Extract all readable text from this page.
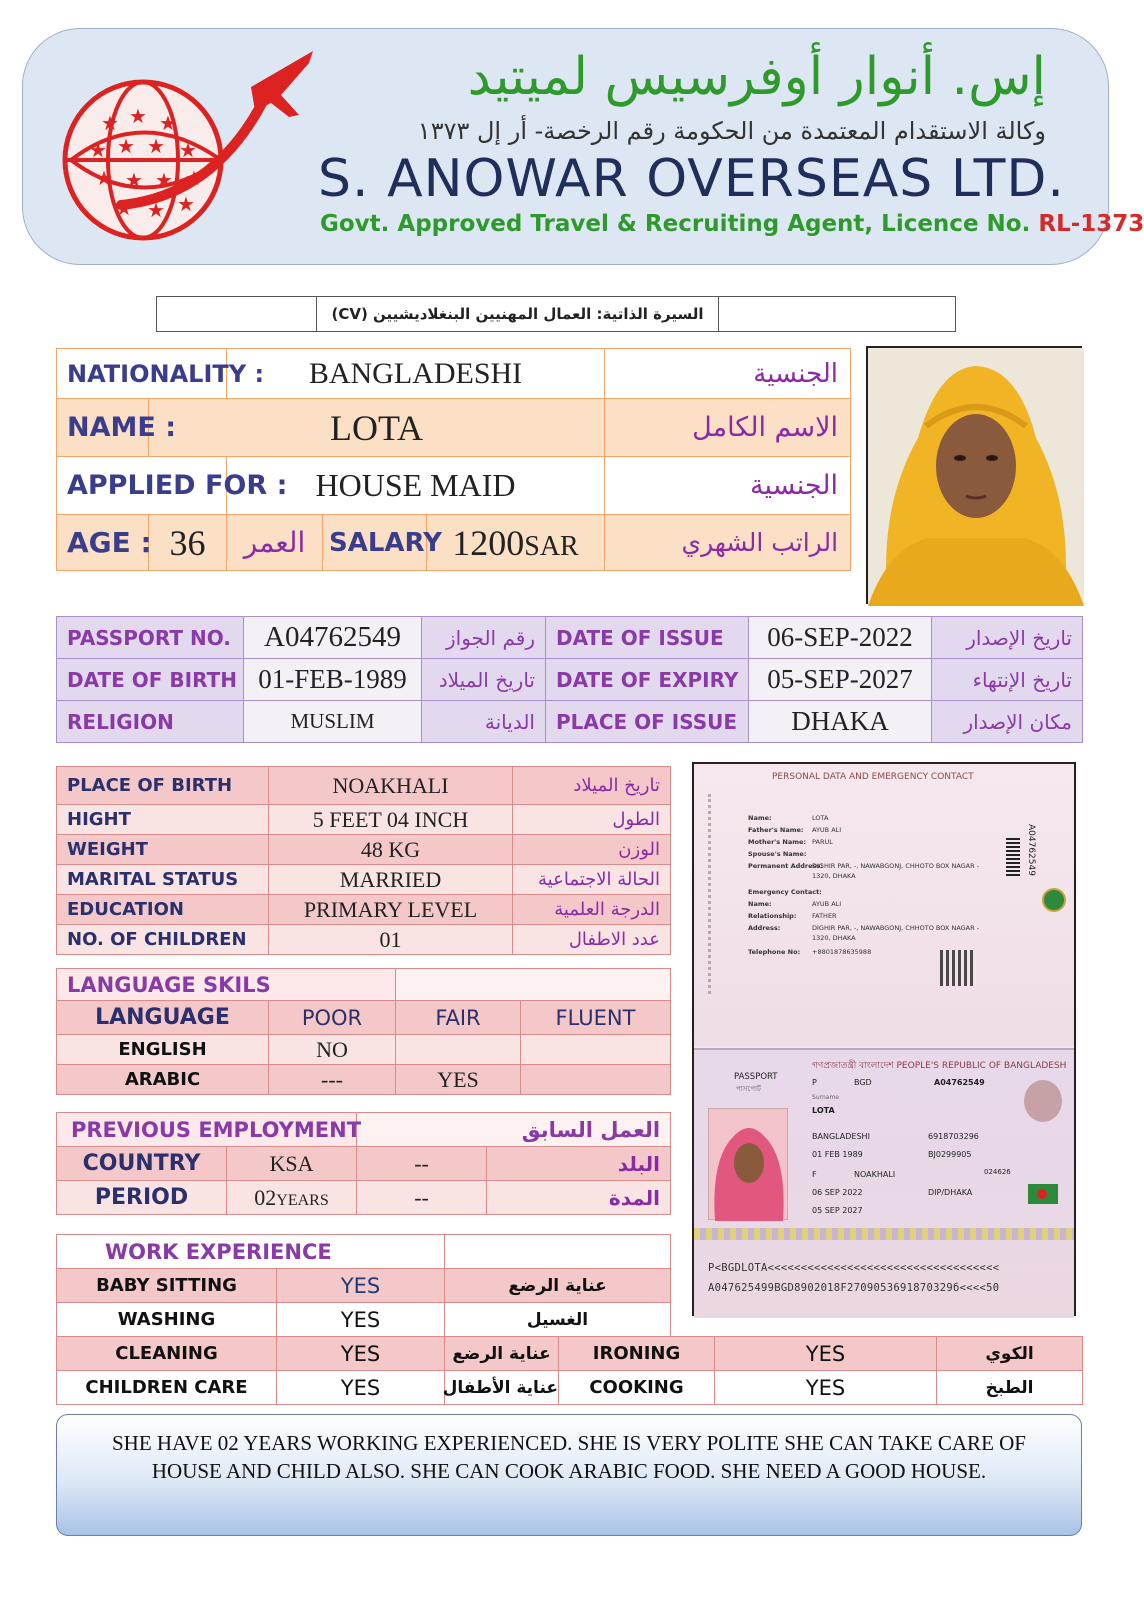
★ ★ ★
★ ★ ★ ★
★ ★ ★ ★
★ ★ ★
إس. أنوار أوفرسيس لميتيد
وكالة الاستقدام المعتمدة من الحكومة رقم الرخصة- أر إل ١٣٧٣
S. ANOWAR OVERSEAS LTD.
Govt. Approved Travel & Recruiting Agent, Licence No. RL-1373
السيرة الذاتية: العمال المهنيين البنغلاديشيين (CV)
NATIONALITY :		BANGLADESHI			الجنسية
NAME :	LOTA				الاسم الكامل
APPLIED FOR :		HOUSE MAID			الجنسية
AGE :	36	العمر	SALARY	1200SAR	الراتب الشهري
PASSPORT NO.	A04762549	رقم الجواز	DATE OF ISSUE	06-SEP-2022	تاريخ الإصدار
DATE OF BIRTH	01-FEB-1989	تاريخ الميلاد	DATE OF EXPIRY	05-SEP-2027	تاريخ الإنتهاء
RELIGION	MUSLIM	الديانة	PLACE OF ISSUE	DHAKA	مكان الإصدار
PLACE OF BIRTH	NOAKHALI	تاريخ الميلاد
HIGHT	5 FEET 04 INCH	الطول
WEIGHT	48 KG	الوزن
MARITAL STATUS	MARRIED	الحالة الاجتماعية
EDUCATION	PRIMARY LEVEL	الدرجة العلمية
NO. OF CHILDREN	01	عدد الاطفال
LANGUAGE SKILS			
LANGUAGE	POOR	FAIR	FLUENT
ENGLISH	NO		
ARABIC	---	YES	
PREVIOUS EMPLOYMENT		العمل السابق	
COUNTRY	KSA	--	البلد
PERIOD	02YEARS	--	المدة
WORK EXPERIENCE		
BABY SITTING	YES	عناية الرضع
WASHING	YES	الغسيل
CLEANING	YES	عناية الرضع	IRONING	YES	الكوي
CHILDREN CARE	YES	عناية الأطفال	COOKING	YES	الطبخ
PERSONAL DATA AND EMERGENCY CONTACT
Name:	LOTA
Father's Name: AYUB ALI
Mother's Name: PARUL
Spouse's Name:
Permanent Address:DIGHIR PAR, -, NAWABGONJ, CHHOTO BOX NAGAR -
1320, DHAKA
Emergency Contact:
Name:	AYUB ALI
Relationship: FATHER
Address:	DIGHIR PAR, -, NAWABGONJ, CHHOTO BOX NAGAR -
1320, DHAKA
Telephone No: +8801878635988
A04762549
গণপ্রজাতন্ত্রী বাংলাদেশ PEOPLE'S REPUBLIC OF BANGLADESH
PASSPORT
পাসপোর্ট
P	BGD	A04762549
Surname
LOTA
BANGLADESHI	6918703296
01 FEB 1989	BJ0299905
F	NOAKHALI	024626
06 SEP 2022	DIP/DHAKA
05 SEP 2027
P<BGDLOTA<<<<<<<<<<<<<<<<<<<<<<<<<<<<<<<<<<<
A047625499BGD8902018F2709053691870329б<<<<50
SHE HAVE 02 YEARS WORKING EXPERIENCED. SHE IS VERY POLITE SHE CAN TAKE CARE OF HOUSE AND CHILD ALSO. SHE CAN COOK ARABIC FOOD. SHE NEED A GOOD HOUSE.
